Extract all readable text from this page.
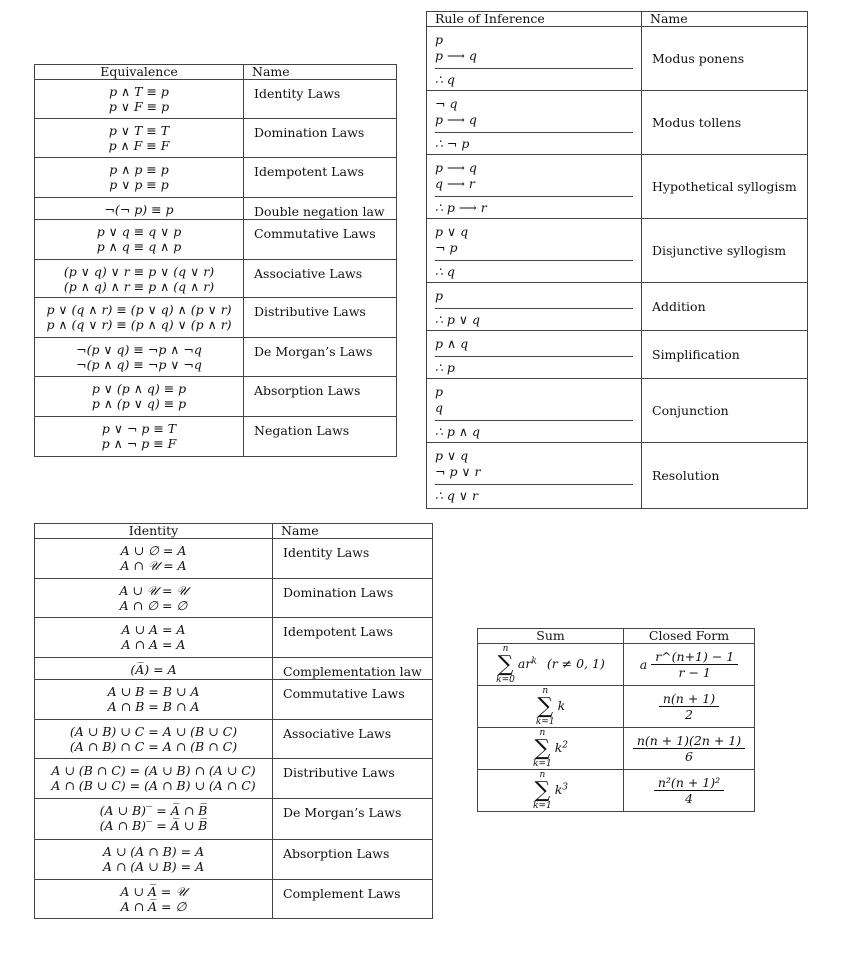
Equivalence	Name

p ∧ T ≡ p
p ∨ F ≡ p	Identity Laws

p ∨ T ≡ T
p ∧ F ≡ F	Domination Laws

p ∧ p ≡ p
p ∨ p ≡ p	Idempotent Laws

¬(¬ p) ≡ p	Double negation law

p ∨ q ≡ q ∨ p
p ∧ q ≡ q ∧ p	Commutative Laws

(p ∨ q) ∨ r ≡ p ∨ (q ∨ r)
(p ∧ q) ∧ r ≡ p ∧ (q ∧ r)	Associative Laws

p ∨ (q ∧ r) ≡ (p ∨ q) ∧ (p ∨ r)
p ∧ (q ∨ r) ≡ (p ∧ q) ∨ (p ∧ r)	Distributive Laws

¬(p ∨ q) ≡ ¬p ∧ ¬q
¬(p ∧ q) ≡ ¬p ∨ ¬q	De Morgan’s Laws

p ∨ (p ∧ q) ≡ p
p ∧ (p ∨ q) ≡ p	Absorption Laws

p ∨ ¬ p ≡ T
p ∧ ¬ p ≡ F	Negation Laws
Rule of Inference	Name

p
p ⟶ q
∴ q	Modus ponens

¬ q
p ⟶ q
∴ ¬ p	Modus tollens

p ⟶ q
q ⟶ r
∴ p ⟶ r	Hypothetical syllogism

p ∨ q
¬ p
∴ q	Disjunctive syllogism

p
∴ p ∨ q	Addition

p ∧ q
∴ p	Simplification

p
q
∴ p ∧ q	Conjunction

p ∨ q
¬ p ∨ r
∴ q ∨ r	Resolution
Identity	Name

A ∪ ∅ = A
A ∩ 𝒰 = A	Identity Laws

A ∪ 𝒰 = 𝒰
A ∩ ∅ = ∅	Domination Laws

A ∪ A = A
A ∩ A = A	Idempotent Laws

(A̅) = A	Complementation law

A ∪ B = B ∪ A
A ∩ B = B ∩ A	Commutative Laws

(A ∪ B) ∪ C = A ∪ (B ∪ C)
(A ∩ B) ∩ C = A ∩ (B ∩ C)	Associative Laws

A ∪ (B ∩ C) = (A ∪ B) ∩ (A ∪ C)
A ∩ (B ∪ C) = (A ∩ B) ∪ (A ∩ C)	Distributive Laws

(A ∪ B)‾ = A̅ ∩ B̅
(A ∩ B)‾ = A̅ ∪ B̅	De Morgan’s Laws

A ∪ (A ∩ B) = A
A ∩ (A ∪ B) = A	Absorption Laws

A ∪ A̅ = 𝒰
A ∩ A̅ = ∅	Complement Laws
Sum	Closed Form

n
∑
k=0
$ar^k$ (r ≠ 0, 1)	a $\frac{r\^{}(n+1) - 1}{r - 1}$

n
∑
k=1
k	$\frac{n(n + 1)}{2}$

n
∑
k=1
$k^2$	$\frac{n(n + 1)(2n + 1)}{6}$

n
∑
k=1
$k^3$	$\frac{\text{n²(n + 1)²}}{4}$
